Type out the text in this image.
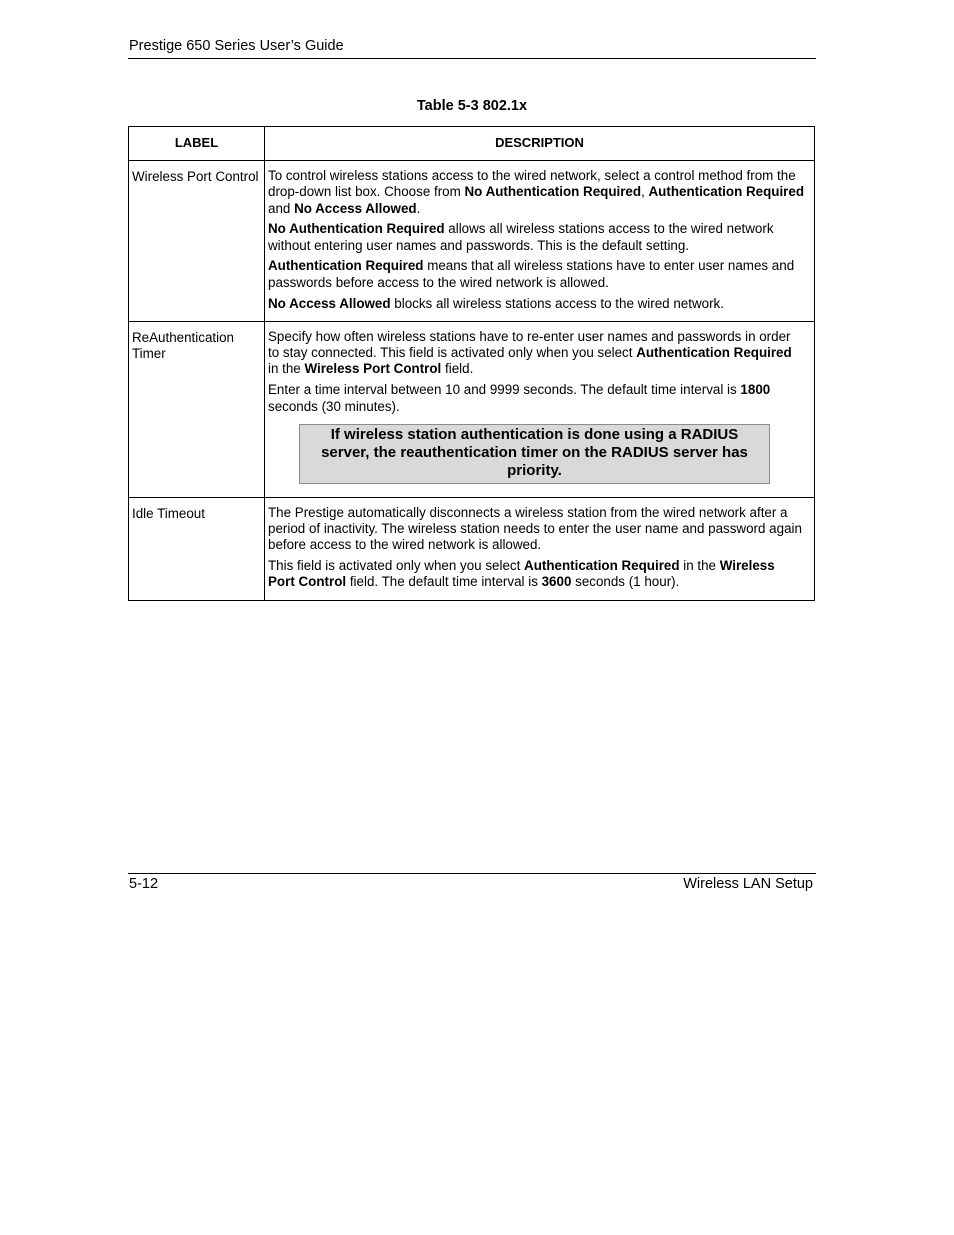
Prestige 650 Series User’s Guide
Table 5-3 802.1x
LABEL	DESCRIPTION
Wireless Port Control	To control wireless stations access to the wired network, select a control method from the drop-down list box. Choose from No Authentication Required, Authentication Required and No Access Allowed.

No Authentication Required allows all wireless stations access to the wired network without entering user names and passwords. This is the default setting.

Authentication Required means that all wireless stations have to enter user names and passwords before access to the wired network is allowed.

No Access Allowed blocks all wireless stations access to the wired network.

ReAuthentication Timer	Specify how often wireless stations have to re-enter user names and passwords in order to stay connected. This field is activated only when you select Authentication Required in the Wireless Port Control field.

Enter a time interval between 10 and 9999 seconds. The default time interval is 1800 seconds (30 minutes).

If wireless station authentication is done using a RADIUS server, the reauthentication timer on the RADIUS server has priority.

Idle Timeout	The Prestige automatically disconnects a wireless station from the wired network after a period of inactivity. The wireless station needs to enter the user name and password again before access to the wired network is allowed.

This field is activated only when you select Authentication Required in the Wireless Port Control field. The default time interval is 3600 seconds (1 hour).

5-12	Wireless LAN Setup
